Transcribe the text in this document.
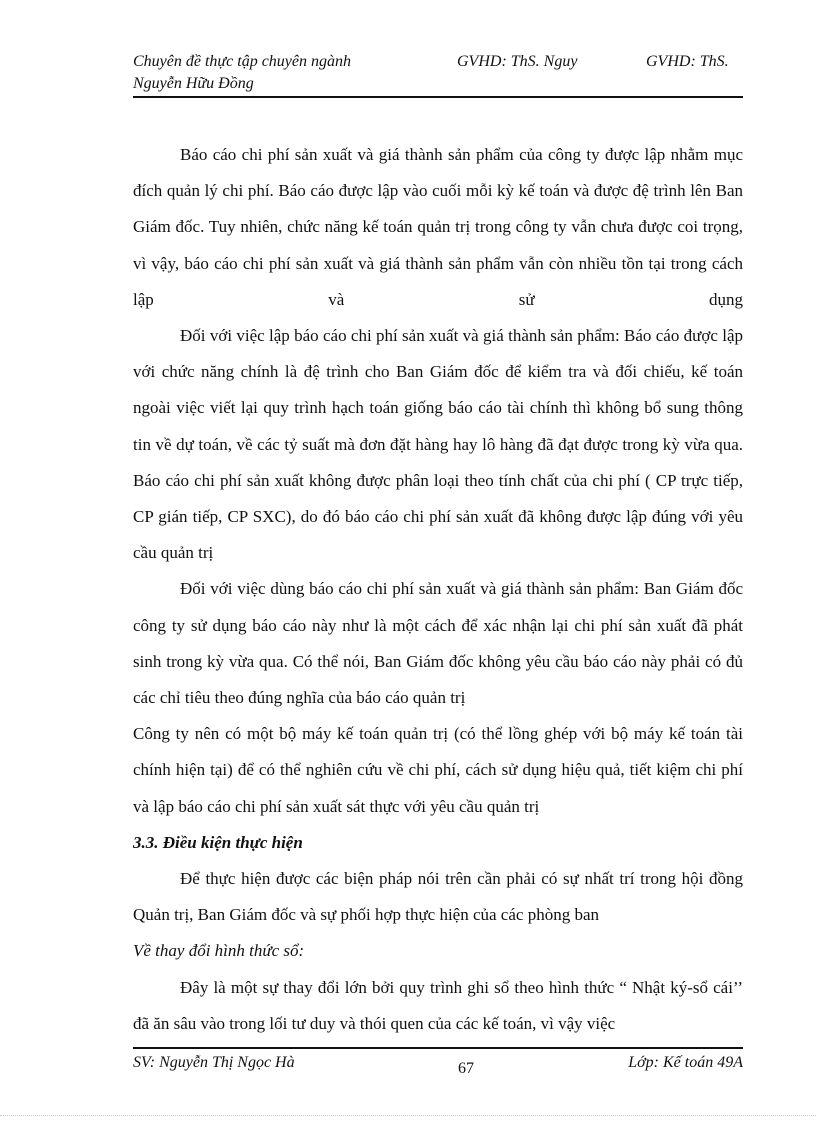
Chuyên đề thực tập chuyên ngành	GVHD: ThS. Nguy	GVHD: ThS.
Nguyễn Hữu Đồng

Báo cáo chi phí sản xuất và giá thành sản phẩm của công ty được lập nhằm mục đích quản lý chi phí. Báo cáo được lập vào cuối mỗi kỳ kế toán và được đệ trình lên Ban Giám đốc. Tuy nhiên, chức năng kế toán quản trị trong công ty vẫn chưa được coi trọng, vì vậy, báo cáo chi phí sản xuất và giá thành sản phẩm vẫn còn nhiều tồn tại trong cách lập và sử dụng

Đối với việc lập báo cáo chi phí sản xuất và giá thành sản phẩm: Báo cáo được lập với chức năng chính là đệ trình cho Ban Giám đốc để kiểm tra và đối chiếu, kế toán ngoài việc viết lại quy trình hạch toán giống báo cáo tài chính thì không bổ sung thông tin về dự toán, về các tỷ suất mà đơn đặt hàng hay lô hàng đã đạt được trong kỳ vừa qua. Báo cáo chi phí sản xuất không được phân loại theo tính chất của chi phí ( CP trực tiếp, CP gián tiếp, CP SXC), do đó báo cáo chi phí sản xuất đã không được lập đúng với yêu cầu quản trị

Đối với việc dùng báo cáo chi phí sản xuất và giá thành sản phẩm: Ban Giám đốc công ty sử dụng báo cáo này như là một cách để xác nhận lại chi phí sản xuất đã phát sinh trong kỳ vừa qua. Có thể nói, Ban Giám đốc không yêu cầu báo cáo này phải có đủ các chỉ tiêu theo đúng nghĩa của báo cáo quản trị

Công ty nên có một bộ máy kế toán quản trị (có thể lồng ghép với bộ máy kế toán tài chính hiện tại) để có thể nghiên cứu về chi phí, cách sử dụng hiệu quả, tiết kiệm chi phí và lập báo cáo chi phí sản xuất sát thực với yêu cầu quản trị

3.3. Điều kiện thực hiện

Để thực hiện được các biện pháp nói trên cần phải có sự nhất trí trong hội đồng Quản trị, Ban Giám đốc và sự phối hợp thực hiện của các phòng ban

Về thay đổi hình thức sổ:

Đây là một sự thay đổi lớn bởi quy trình ghi sổ theo hình thức “ Nhật ký-sổ cái’’ đã ăn sâu vào trong lối tư duy và thói quen của các kế toán, vì vậy việc

SV: Nguyễn Thị Ngọc Hà	67	Lớp: Kế toán 49A
